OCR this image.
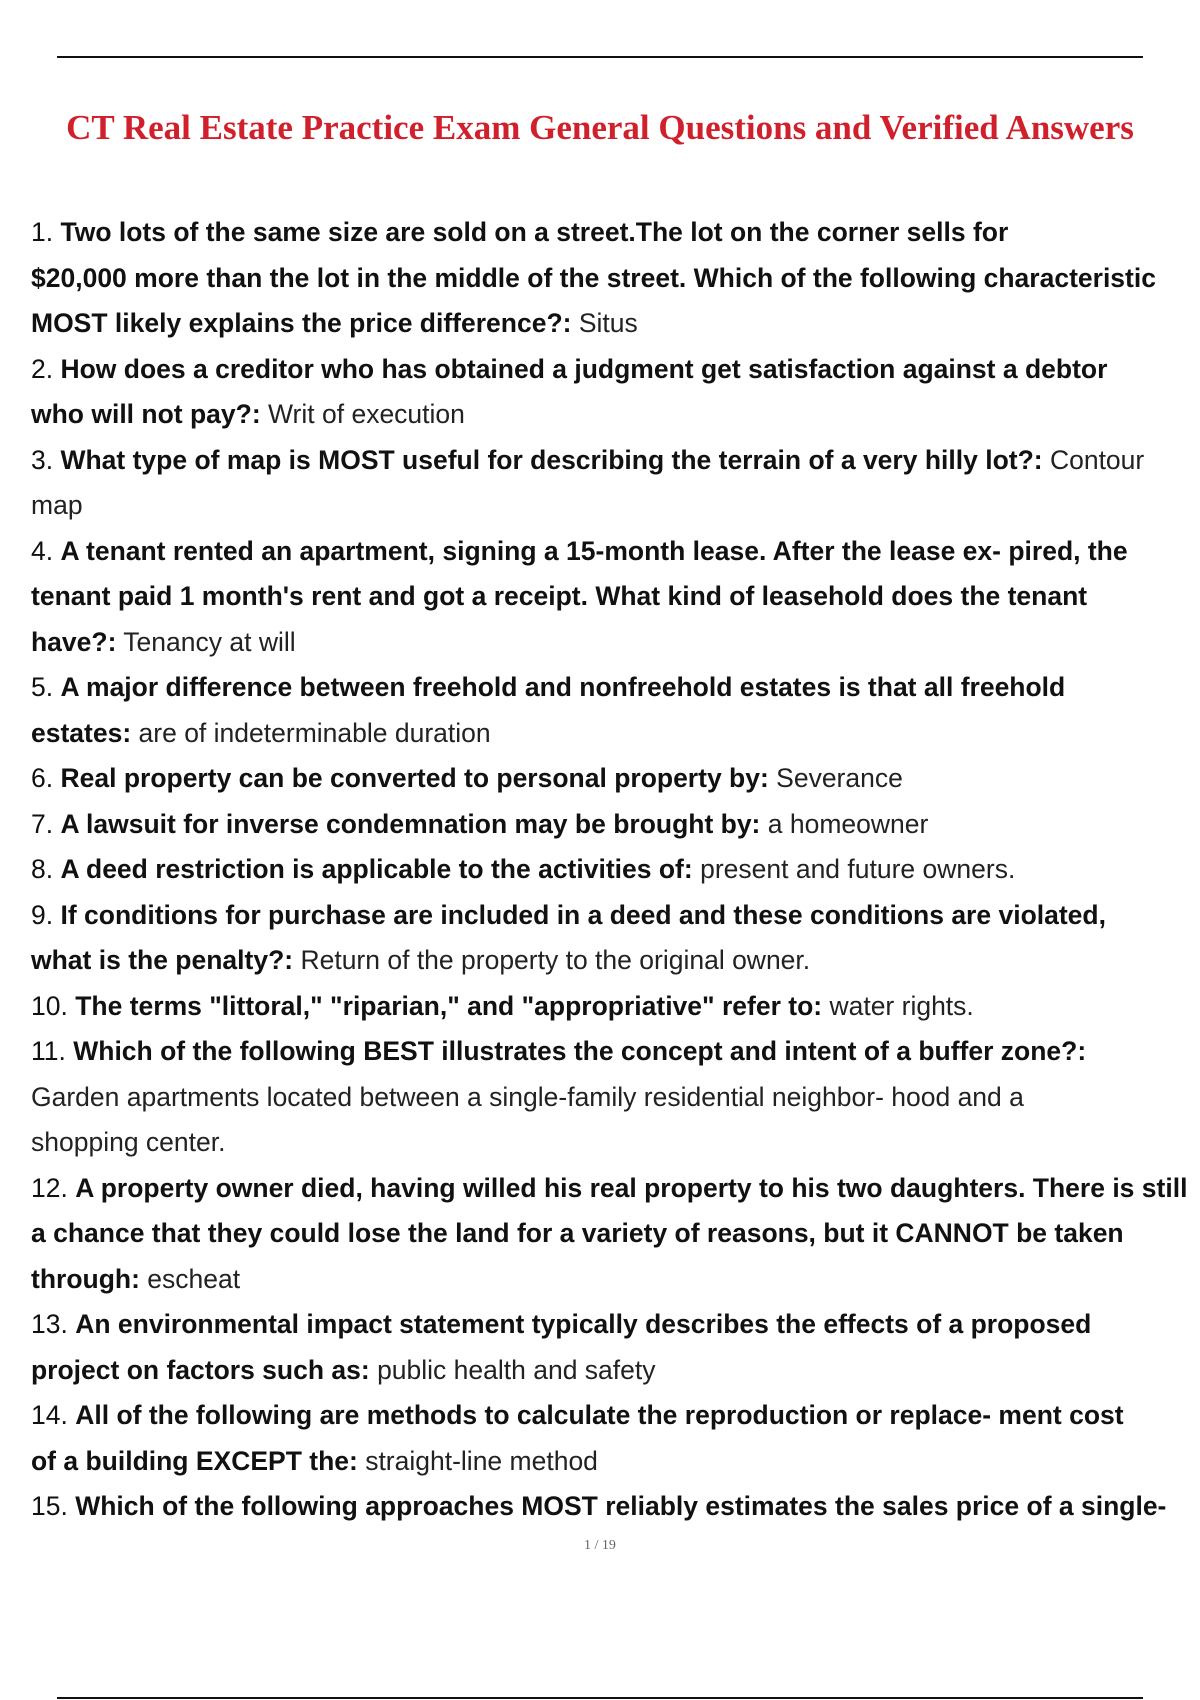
CT Real Estate Practice Exam General Questions and Verified Answers
1. Two lots of the same size are sold on a street.The lot on the corner sells for
$20,000 more than the lot in the middle of the street. Which of the following characteristic
MOST likely explains the price difference?: Situs
2. How does a creditor who has obtained a judgment get satisfaction against a debtor
who will not pay?: Writ of execution
3. What type of map is MOST useful for describing the terrain of a very hilly lot?: Contour
map
4. A tenant rented an apartment, signing a 15-month lease. After the lease ex- pired, the
tenant paid 1 month's rent and got a receipt. What kind of leasehold does the tenant
have?: Tenancy at will
5. A major difference between freehold and nonfreehold estates is that all freehold
estates: are of indeterminable duration
6. Real property can be converted to personal property by: Severance
7. A lawsuit for inverse condemnation may be brought by: a homeowner
8. A deed restriction is applicable to the activities of: present and future owners.
9. If conditions for purchase are included in a deed and these conditions are violated,
what is the penalty?: Return of the property to the original owner.
10. The terms "littoral," "riparian," and "appropriative" refer to: water rights.
11. Which of the following BEST illustrates the concept and intent of a buffer zone?:
Garden apartments located between a single-family residential neighbor- hood and a
shopping center.
12. A property owner died, having willed his real property to his two daughters. There is still
a chance that they could lose the land for a variety of reasons, but it CANNOT be taken
through: escheat
13. An environmental impact statement typically describes the effects of a proposed
project on factors such as: public health and safety
14. All of the following are methods to calculate the reproduction or replace- ment cost
of a building EXCEPT the: straight-line method
15. Which of the following approaches MOST reliably estimates the sales price of a single-
1 / 19
